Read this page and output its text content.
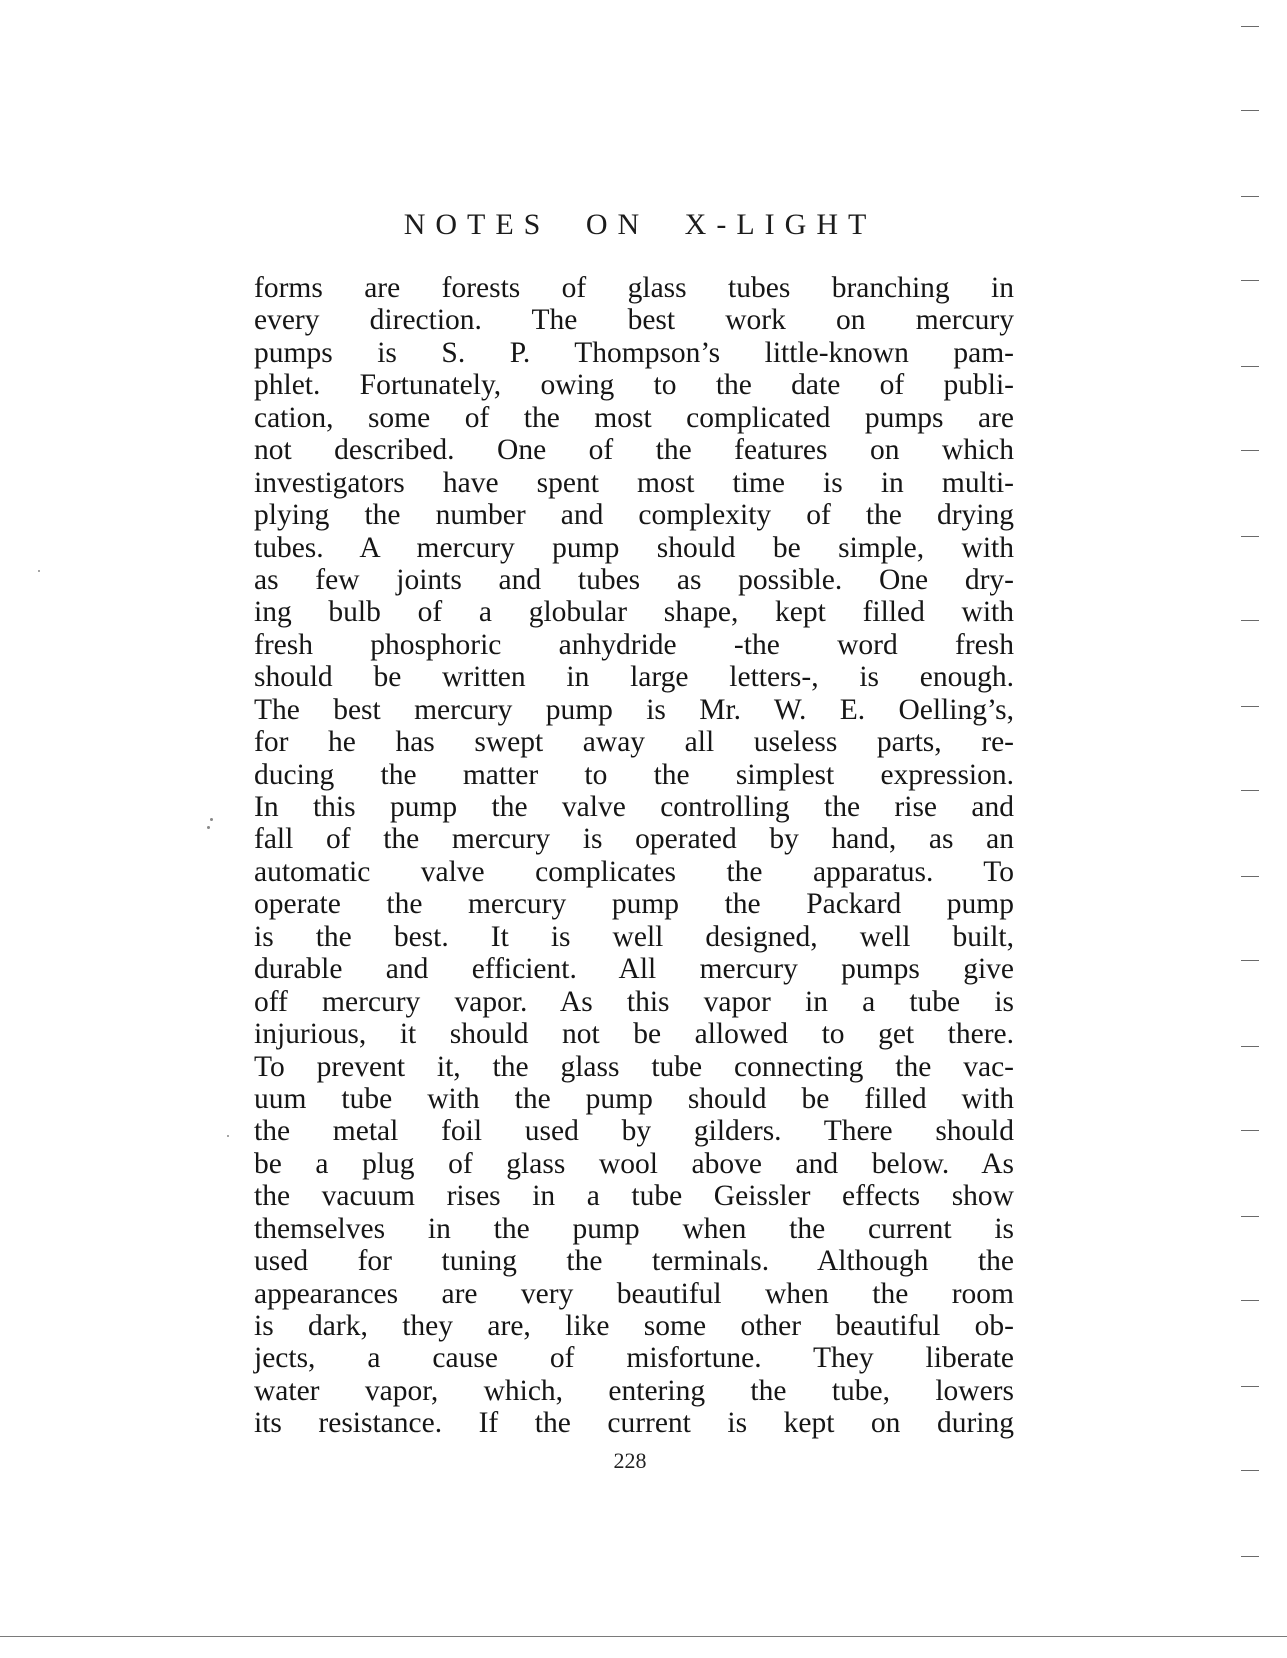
NOTES ON X-LIGHT
forms are forests of glass tubes branching in
every direction. The best work on mercury
pumps is S. P. Thompson’s little-known pam-
phlet. Fortunately, owing to the date of publi-
cation, some of the most complicated pumps are
not described. One of the features on which
investigators have spent most time is in multi-
plying the number and complexity of the drying
tubes. A mercury pump should be simple, with
as few joints and tubes as possible. One dry-
ing bulb of a globular shape, kept filled with
fresh phosphoric anhydride -the word fresh
should be written in large letters-, is enough.
The best mercury pump is Mr. W. E. Oelling’s,
for he has swept away all useless parts, re-
ducing the matter to the simplest expression.
In this pump the valve controlling the rise and
fall of the mercury is operated by hand, as an
automatic valve complicates the apparatus. To
operate the mercury pump the Packard pump
is the best. It is well designed, well built,
durable and efficient. All mercury pumps give
off mercury vapor. As this vapor in a tube is
injurious, it should not be allowed to get there.
To prevent it, the glass tube connecting the vac-
uum tube with the pump should be filled with
the metal foil used by gilders. There should
be a plug of glass wool above and below. As
the vacuum rises in a tube Geissler effects show
themselves in the pump when the current is
used for tuning the terminals. Although the
appearances are very beautiful when the room
is dark, they are, like some other beautiful ob-
jects, a cause of misfortune. They liberate
water vapor, which, entering the tube, lowers
its resistance. If the current is kept on during
228
